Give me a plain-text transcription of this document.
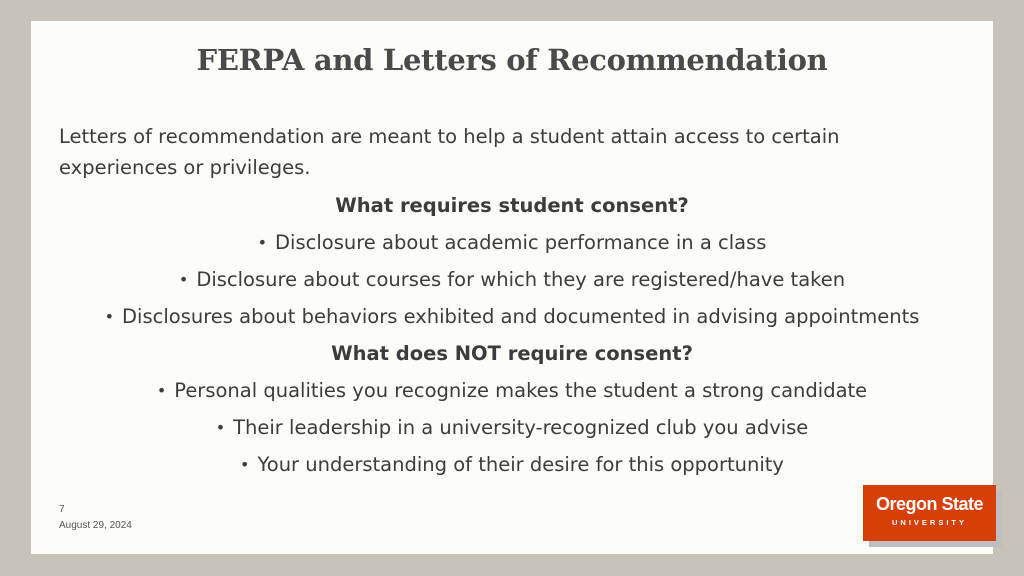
FERPA and Letters of Recommendation
Letters of recommendation are meant to help a student attain access to certain experiences or privileges.
What requires student consent?
• Disclosure about academic performance in a class
• Disclosure about courses for which they are registered/have taken
• Disclosures about behaviors exhibited and documented in advising appointments
What does NOT require consent?
• Personal qualities you recognize makes the student a strong candidate
• Their leadership in a university-recognized club you advise
• Your understanding of their desire for this opportunity
7
August 29, 2024
Oregon State
UNIVERSITY
